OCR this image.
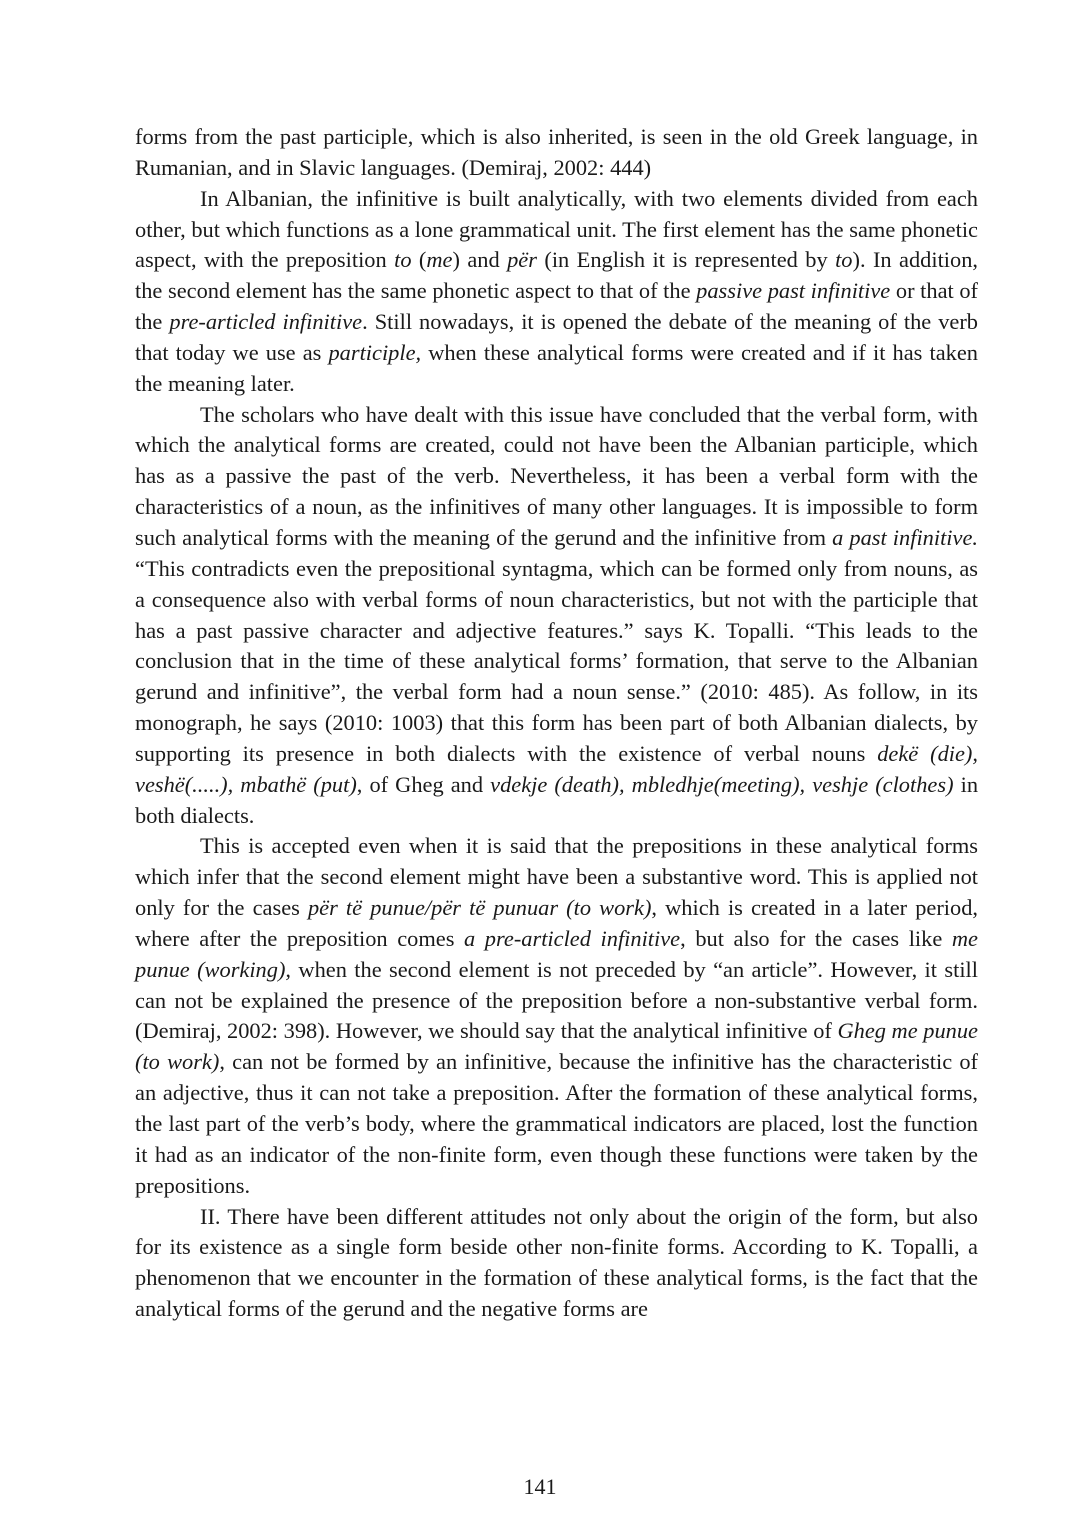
forms from the past participle, which is also inherited, is seen in the old Greek language, in Rumanian, and in Slavic languages. (Demiraj, 2002: 444)

In Albanian, the infinitive is built analytically, with two elements divided from each other, but which functions as a lone grammatical unit. The first element has the same phonetic aspect, with the preposition to (me) and për (in English it is represented by to). In addition, the second element has the same phonetic aspect to that of the passive past infinitive or that of the pre-articled infinitive. Still nowadays, it is opened the debate of the meaning of the verb that today we use as participle, when these analytical forms were created and if it has taken the meaning later.

The scholars who have dealt with this issue have concluded that the verbal form, with which the analytical forms are created, could not have been the Albanian participle, which has as a passive the past of the verb. Nevertheless, it has been a verbal form with the characteristics of a noun, as the infinitives of many other languages. It is impossible to form such analytical forms with the meaning of the gerund and the infinitive from a past infinitive. “This contradicts even the prepositional syntagma, which can be formed only from nouns, as a consequence also with verbal forms of noun characteristics, but not with the participle that has a past passive character and adjective features.” says K. Topalli. “This leads to the conclusion that in the time of these analytical forms’ formation, that serve to the Albanian gerund and infinitive”, the verbal form had a noun sense.” (2010: 485). As follow, in its monograph, he says (2010: 1003) that this form has been part of both Albanian dialects, by supporting its presence in both dialects with the existence of verbal nouns dekë (die), veshë(.....), mbathë (put), of Gheg and vdekje (death), mbledhje(meeting), veshje (clothes) in both dialects.

This is accepted even when it is said that the prepositions in these analytical forms which infer that the second element might have been a substantive word. This is applied not only for the cases për të punue/për të punuar (to work), which is created in a later period, where after the preposition comes a pre-articled infinitive, but also for the cases like me punue (working), when the second element is not preceded by “an article”. However, it still can not be explained the presence of the preposition before a non-substantive verbal form. (Demiraj, 2002: 398). However, we should say that the analytical infinitive of Gheg me punue (to work), can not be formed by an infinitive, because the infinitive has the characteristic of an adjective, thus it can not take a preposition. After the formation of these analytical forms, the last part of the verb’s body, where the grammatical indicators are placed, lost the function it had as an indicator of the non-finite form, even though these functions were taken by the prepositions.

II. There have been different attitudes not only about the origin of the form, but also for its existence as a single form beside other non-finite forms. According to K. Topalli, a phenomenon that we encounter in the formation of these analytical forms, is the fact that the analytical forms of the gerund and the negative forms are

141
